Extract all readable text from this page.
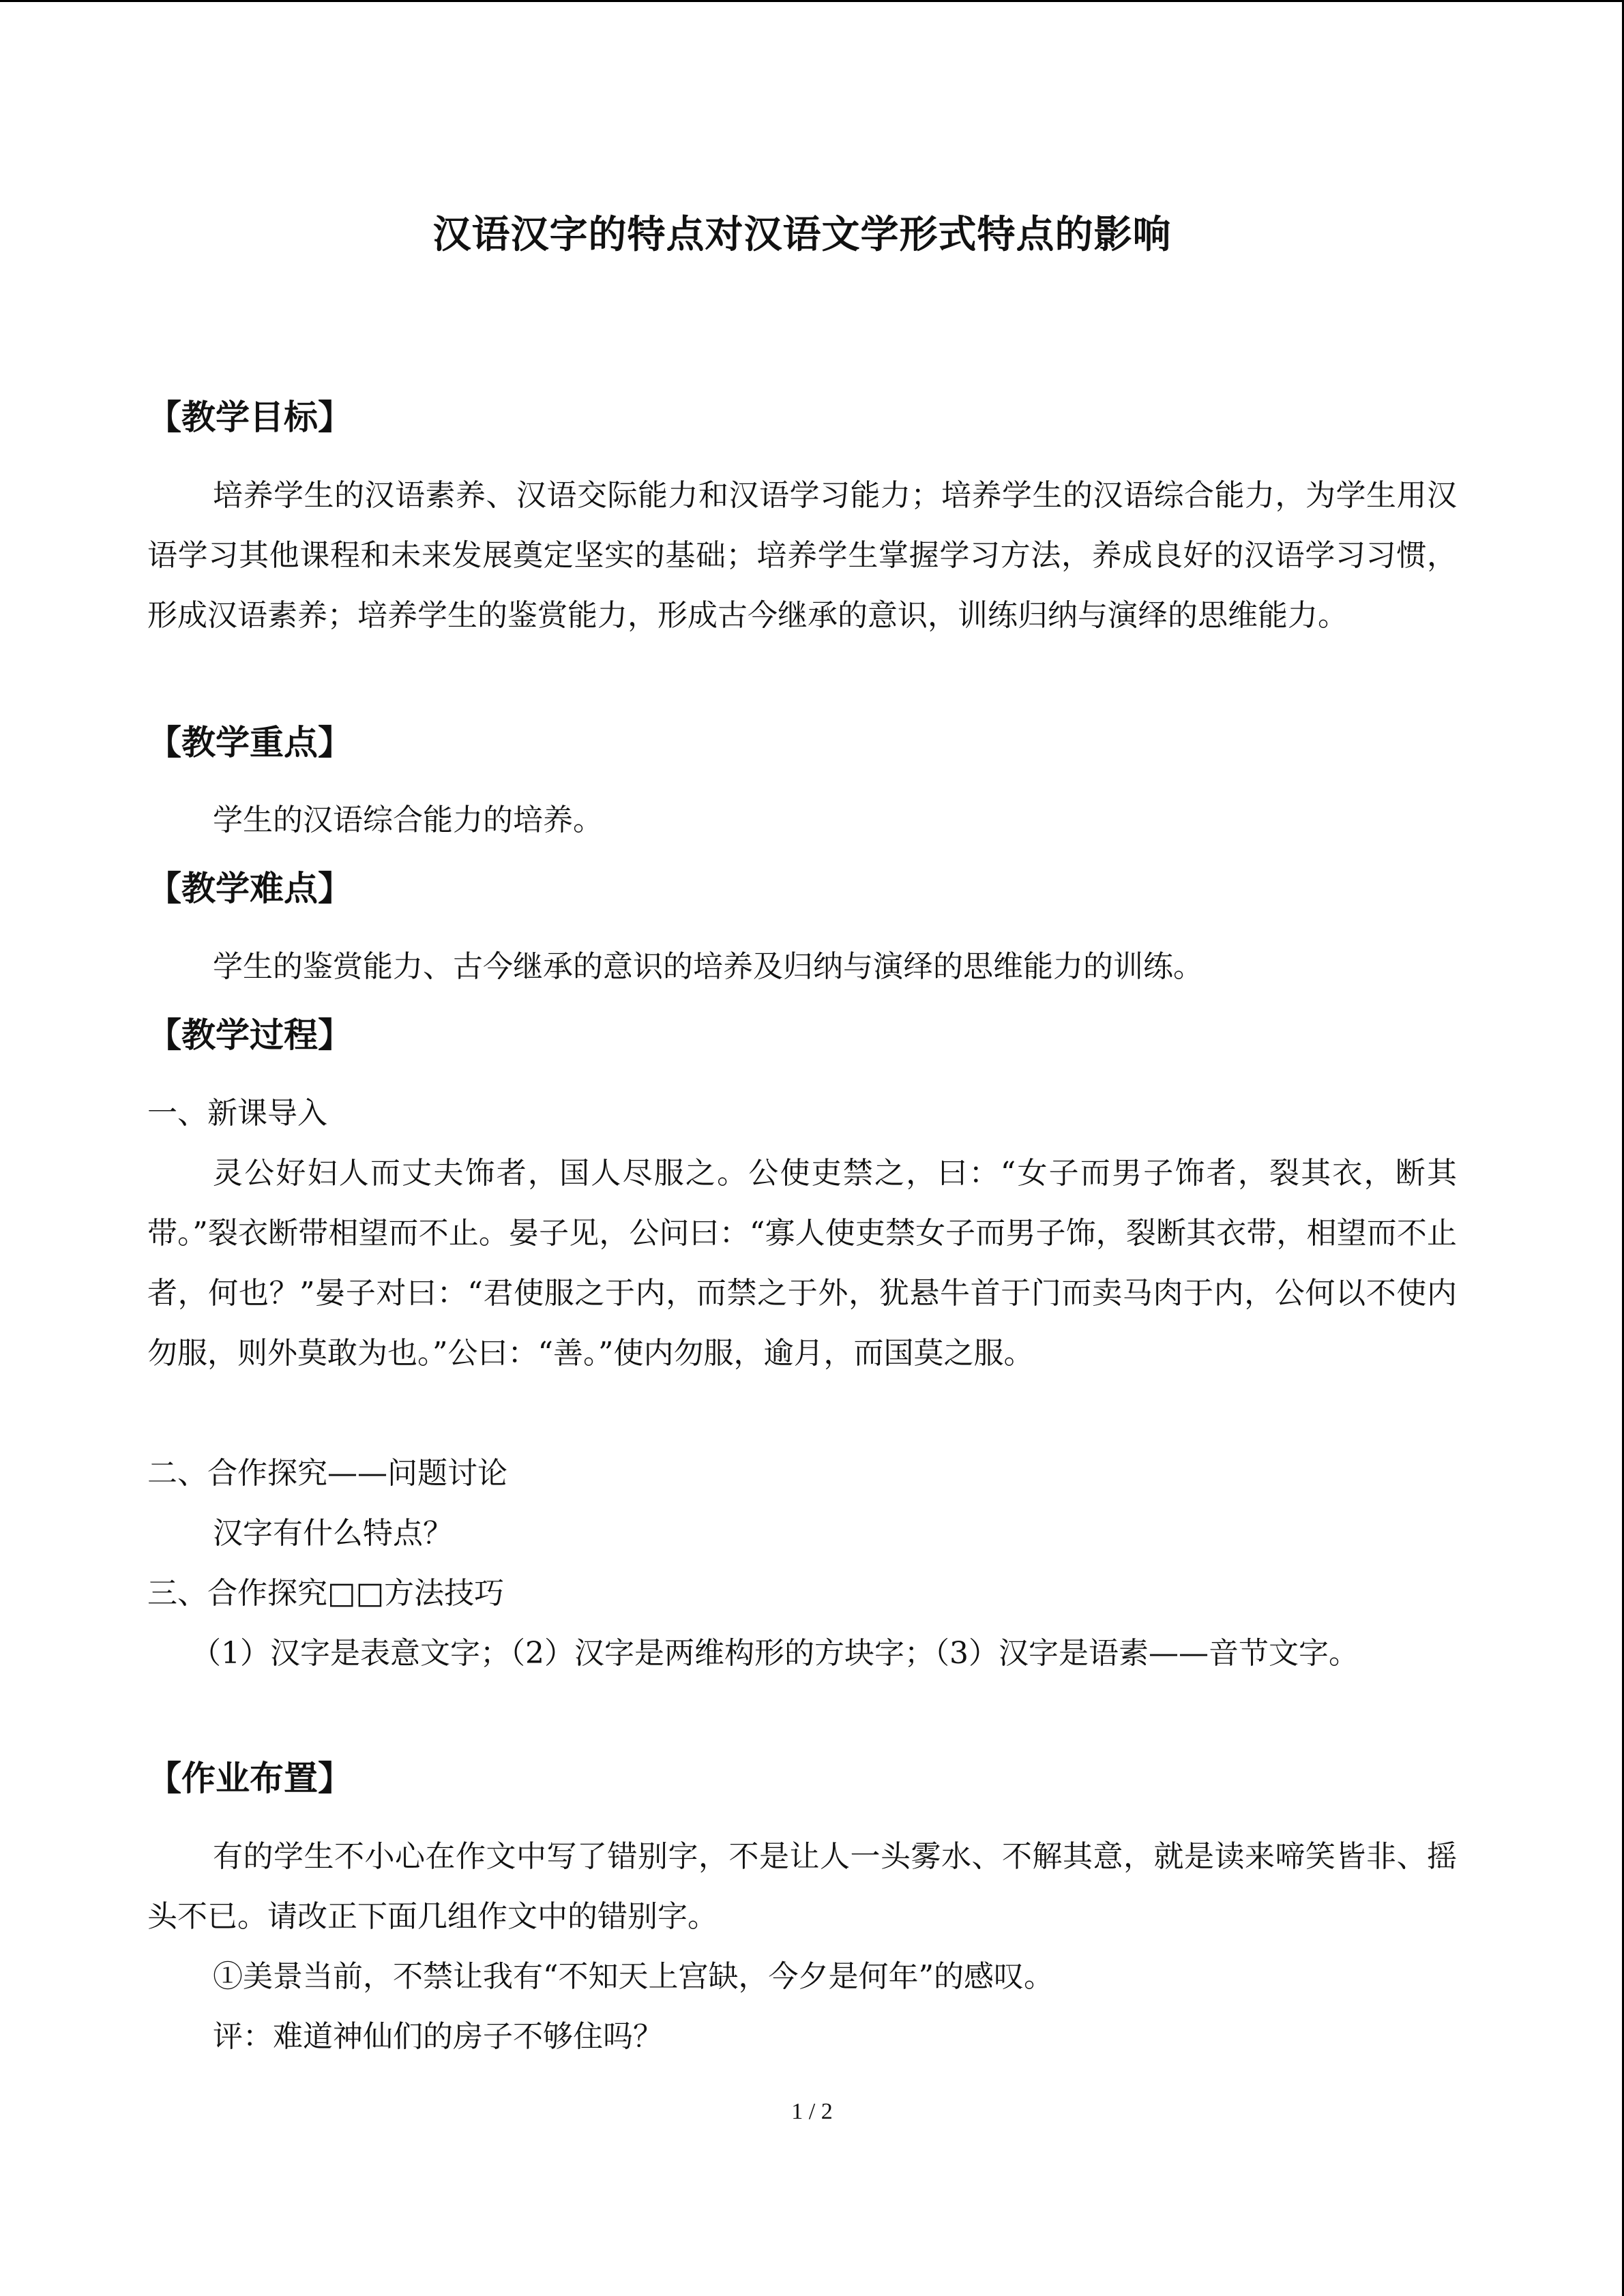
汉语汉字的特点对汉语文学形式特点的影响
【教学目标】
培养学生的汉语素养、汉语交际能力和汉语学习能力；培养学生的汉语综合能力，为学生用汉语学习其他课程和未来发展奠定坚实的基础；培养学生掌握学习方法，养成良好的汉语学习习惯，形成汉语素养；培养学生的鉴赏能力，形成古今继承的意识，训练归纳与演绎的思维能力。
【教学重点】
学生的汉语综合能力的培养。
【教学难点】
学生的鉴赏能力、古今继承的意识的培养及归纳与演绎的思维能力的训练。
【教学过程】
一、新课导入
灵公好妇人而丈夫饰者，国人尽服之。公使吏禁之，曰：“女子而男子饰者，裂其衣，断其带。”裂衣断带相望而不止。晏子见，公问曰：“寡人使吏禁女子而男子饰，裂断其衣带，相望而不止者，何也？”晏子对曰：“君使服之于内，而禁之于外，犹悬牛首于门而卖马肉于内，公何以不使内勿服，则外莫敢为也。”公曰：“善。”使内勿服，逾月，而国莫之服。
二、合作探究——问题讨论
汉字有什么特点？
三、合作探究□□方法技巧
（1）汉字是表意文字；（2）汉字是两维构形的方块字；（3）汉字是语素——音节文字。
【作业布置】
有的学生不小心在作文中写了错别字，不是让人一头雾水、不解其意，就是读来啼笑皆非、摇头不已。请改正下面几组作文中的错别字。
①美景当前，不禁让我有“不知天上宫缺，今夕是何年”的感叹。
评：难道神仙们的房子不够住吗？
1 / 2
